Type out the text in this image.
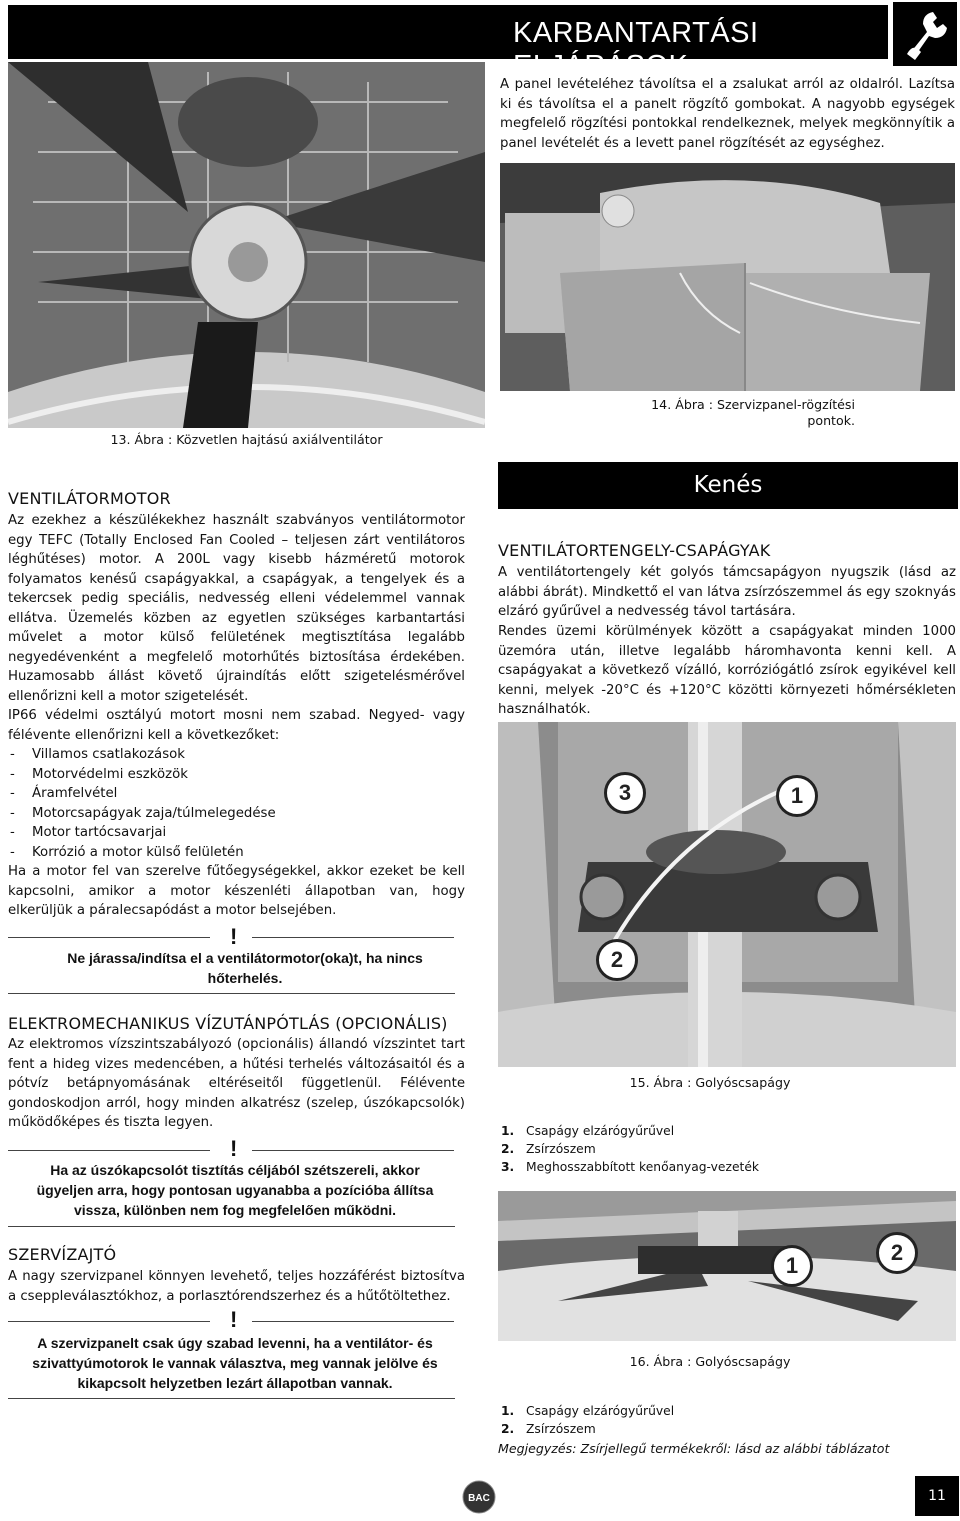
KARBANTARTÁSI ELJÁRÁSOK
13. Ábra : Közvetlen hajtású axiálventilátor
A panel levételéhez távolítsa el a zsalukat arról az oldalról. Lazítsa ki és távolítsa el a panelt rögzítő gombokat. A nagyobb egységek megfelelő rögzítési pontokkal rendelkeznek, melyek megkönnyítik a panel levételét és a levett panel rögzítését az egységhez.
14. Ábra : Szervizpanel-rögzítési pontok.
VENTILÁTORMOTOR
Az ezekhez a készülékekhez használt szabványos ventilátormotor egy TEFC (Totally Enclosed Fan Cooled – teljesen zárt ventilátoros léghűtéses) motor. A 200L vagy kisebb házméretű motorok folyamatos kenésű csapágyakkal, a csapágyak, a tengelyek és a tekercsek pedig speciális, nedvesség elleni védelemmel vannak ellátva. Üzemelés közben az egyetlen szükséges karbantartási művelet a motor külső felületének megtisztítása legalább negyedévenként a megfelelő motorhűtés biztosítása érdekében. Huzamosabb állást követő újraindítás előtt szigetelésmérővel ellenőrizni kell a motor szigetelését.
IP66 védelmi osztályú motort mosni nem szabad. Negyed- vagy félévente ellenőrizni kell a következőket:
- Villamos csatlakozások
- Motorvédelmi eszközök
- Áramfelvétel
- Motorcsapágyak zaja/túlmelegedése
- Motor tartócsavarjai
- Korrózió a motor külső felületén
Ha a motor fel van szerelve fűtőegységekkel, akkor ezeket be kell kapcsolni, amikor a motor készenléti állapotban van, hogy elkerüljük a páralecsapódást a motor belsejében.
!
Ne járassa/indítsa el a ventilátormotor(oka)t, ha nincs hőterhelés.
ELEKTROMECHANIKUS VÍZUTÁNPÓTLÁS (OPCIONÁLIS)
Az elektromos vízszintszabályozó (opcionális) állandó vízszintet tart fent a hideg vizes medencében, a hűtési terhelés változásaitól és a pótvíz betápnyomásának eltéréseitől függetlenül. Félévente gondoskodjon arról, hogy minden alkatrész (szelep, úszókapcsolók) működőképes és tiszta legyen.
!
Ha az úszókapcsolót tisztítás céljából szétszereli, akkor ügyeljen arra, hogy pontosan ugyanabba a pozícióba állítsa vissza, különben nem fog megfelelően működni.
SZERVÍZAJTÓ
A nagy szervizpanel könnyen levehető, teljes hozzáférést biztosítva a cseppleválasztókhoz, a porlasztórendszerhez és a hűtőtöltethez.
!
A szervizpanelt csak úgy szabad levenni, ha a ventilátor- és szivattyúmotorok le vannak választva, meg vannak jelölve és kikapcsolt helyzetben lezárt állapotban vannak.
Kenés
VENTILÁTORTENGELY-CSAPÁGYAK
A ventilátortengely két golyós támcsapágyon nyugszik (lásd az alábbi ábrát). Mindkettő el van látva zsírzószemmel ás egy szoknyás elzáró gyűrűvel a nedvesség távol tartására.
Rendes üzemi körülmények között a csapágyakat minden 1000 üzemóra után, illetve legalább háromhavonta kenni kell. A csapágyakat a következő vízálló, korróziógátló zsírok egyikével kell kenni, melyek -20°C és +120°C közötti környezeti hőmérsékleten használhatók.
3	1
2
15. Ábra : Golyóscsapágy
1. Csapágy elzárógyűrűvel
2. Zsírzószem
3. Meghosszabbított kenőanyag-vezeték
1
2
16. Ábra : Golyóscsapágy
1. Csapágy elzárógyűrűvel
2. Zsírzószem
Megjegyzés: Zsírjellegű termékekről: lásd az alábbi táblázatot
BAC	11
